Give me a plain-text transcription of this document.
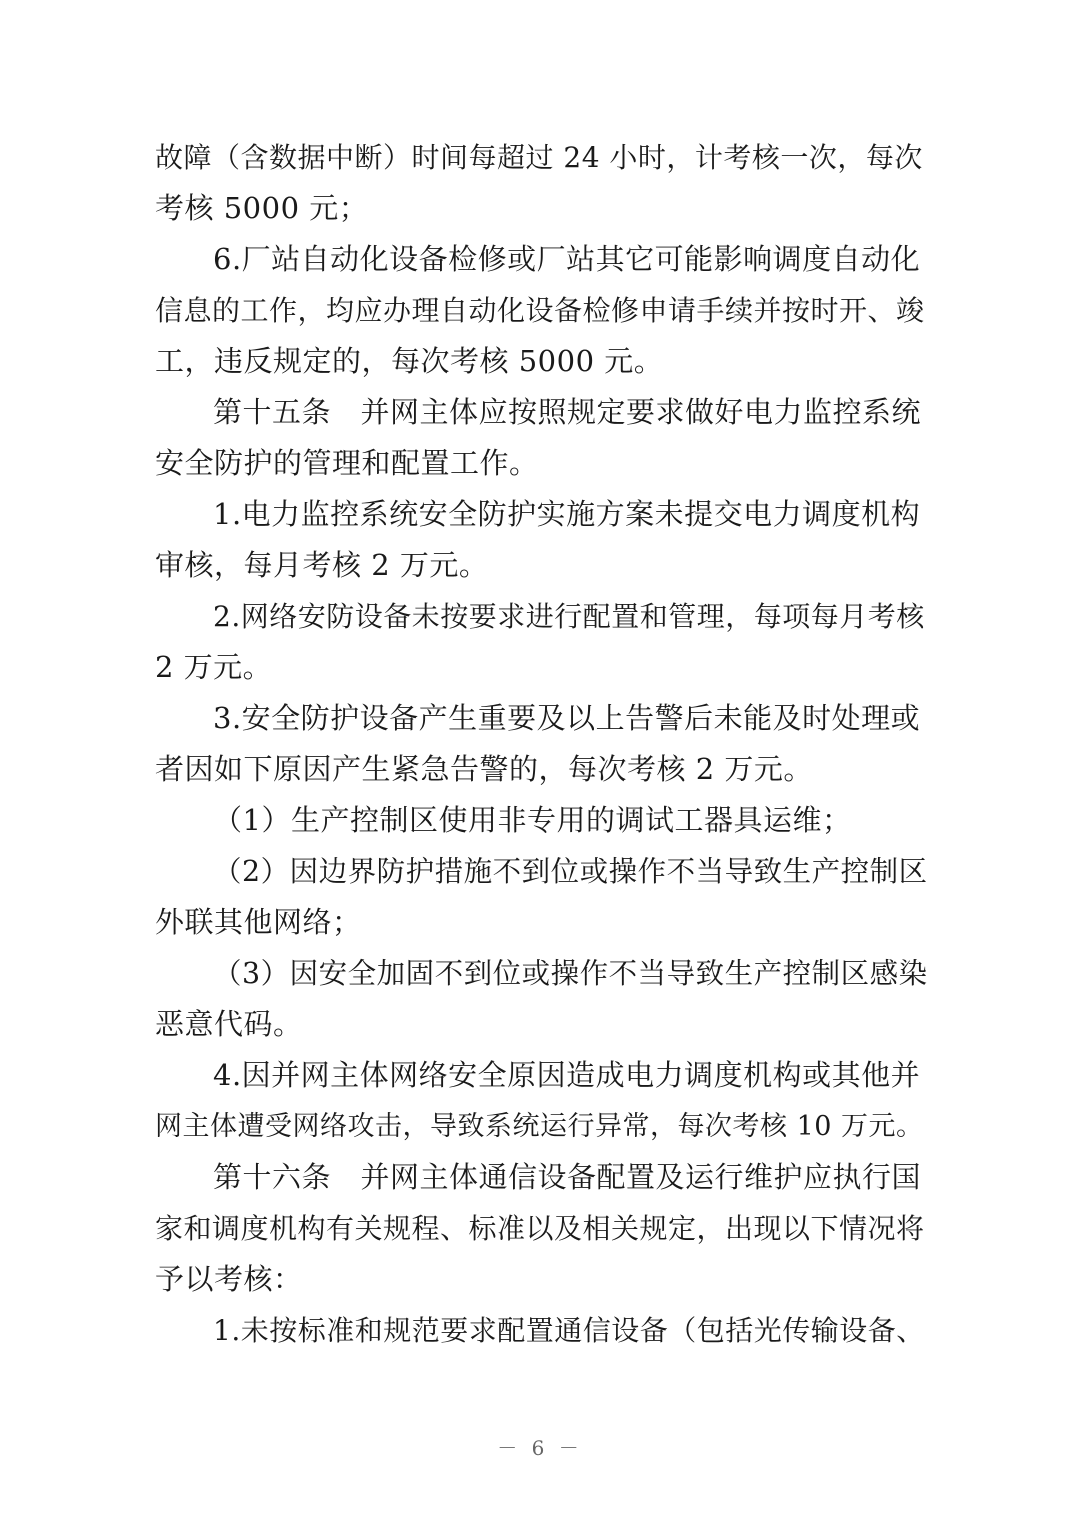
故障（含数据中断）时间每超过 24 小时，计考核一次，每次
考核 5000 元；
6.厂站自动化设备检修或厂站其它可能影响调度自动化
信息的工作，均应办理自动化设备检修申请手续并按时开、竣
工，违反规定的，每次考核 5000 元。
第十五条　并网主体应按照规定要求做好电力监控系统
安全防护的管理和配置工作。
1.电力监控系统安全防护实施方案未提交电力调度机构
审核，每月考核 2 万元。
2.网络安防设备未按要求进行配置和管理，每项每月考核
2 万元。
3.安全防护设备产生重要及以上告警后未能及时处理或
者因如下原因产生紧急告警的，每次考核 2 万元。
（1）生产控制区使用非专用的调试工器具运维；
（2）因边界防护措施不到位或操作不当导致生产控制区
外联其他网络；
（3）因安全加固不到位或操作不当导致生产控制区感染
恶意代码。
4.因并网主体网络安全原因造成电力调度机构或其他并
网主体遭受网络攻击，导致系统运行异常，每次考核 10 万元。
第十六条　并网主体通信设备配置及运行维护应执行国
家和调度机构有关规程、标准以及相关规定，出现以下情况将
予以考核：
1.未按标准和规范要求配置通信设备（包括光传输设备、
－ 6 －
